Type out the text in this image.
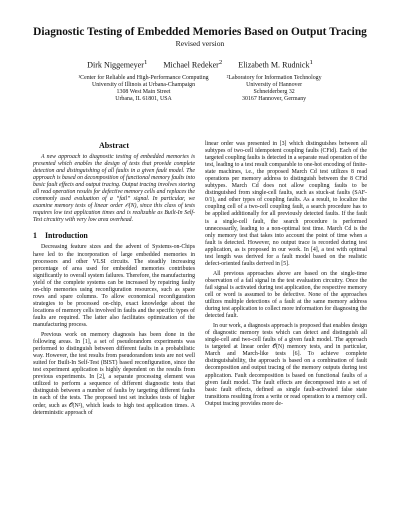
Diagnostic Testing of Embedded Memories Based on Output Tracing
Revised version
Dirk Niggemeyer$^1$ Michael Redeker$^2$ Elizabeth M. Rudnick$^1$
¹Center for Reliable and High-Performance Computing
University of Illinois at Urbana-Champaign
1308 West Main Street
Urbana, IL 61801, USA
²Laboratory for Information Technology
University of Hannover
Schneiderberg 32
30167 Hannover, Germany
Abstract

A new approach to diagnostic testing of embedded memories is presented which enables the design of tests that provide complete detection and distinguishing of all faults in a given fault model. The approach is based on decomposition of functional memory faults into basic fault effects and output tracing. Output tracing involves storing all read operation results for defective memory cells and replaces the commonly used evaluation of a “fail” signal. In particular, we examine memory tests of linear order 𝒪(N), since this class of tests requires low test application times and is realizable as Built-In Self-Test circuitry with very low area overhead.

1 Introduction

Decreasing feature sizes and the advent of Systems-on-Chips have led to the incorporation of large embedded memories in processors and other VLSI circuits. The steadily increasing percentage of area used for embedded memories contributes significantly to overall system failures. Therefore, the manufacturing yield of the complete systems can be increased by repairing faulty on-chip memories using reconfiguration resources, such as spare rows and spare columns. To allow economical reconfiguration strategies to be processed on-chip, exact knowledge about the locations of memory cells involved in faults and the specific types of faults are required. The latter also facilitates optimization of the manufacturing process.

Previous work on memory diagnosis has been done in the following areas. In [1], a set of pseudorandom experiments was performed to distinguish between different faults in a probabilistic way. However, the test results from pseudorandom tests are not well suited for Built-In Self-Test (BIST) based reconfiguration, since the test experiment application is highly dependent on the results from previous experiments. In [2], a separate processing element was utilized to perform a sequence of different diagnostic tests that distinguish between a number of faults by targeting different faults in each of the tests. The proposed test set includes tests of higher order, such as 𝒪(N²), which leads to high test application times. A deterministic approach of

linear order was presented in [3] which distinguishes between all subtypes of two-cell idempotent coupling faults (CFid). Each of the targeted coupling faults is detected in a separate read operation of the test, leading to a test result comparable to one-hot encoding of finite-state machines, i.e., the proposed March Cd test utilizes 8 read operations per memory address to distinguish between the 8 CFid subtypes. March Cd does not allow coupling faults to be distinguished from single-cell faults, such as stuck-at faults (SAF-0/1), and other types of coupling faults. As a result, to localize the coupling cell of a two-cell coupling fault, a search procedure has to be applied additionally for all previously detected faults. If the fault is a single-cell fault, the search procedure is performed unnecessarily, leading to a non-optimal test time. March Cd is the only memory test that takes into account the point of time when a fault is detected. However, no output trace is recorded during test application, as is proposed in our work. In [4], a test with optimal test length was derived for a fault model based on the realistic defect-oriented faults derived in [5].

All previous approaches above are based on the single-time observation of a fail signal in the test evaluation circuitry. Once the fail signal is activated during test application, the respective memory cell or word is assumed to be defective. None of the approaches utilizes multiple detections of a fault at the same memory address during test application to collect more information for diagnosing the detected fault.

In our work, a diagnosis approach is proposed that enables design of diagnostic memory tests which can detect and distinguish all single-cell and two-cell faults of a given fault model. The approach is targeted at linear order 𝒪(N) memory tests, and in particular, March and March-like tests [6]. To achieve complete distinguishability, the approach is based on a combination of fault decomposition and output tracing of the memory outputs during test application. Fault decomposition is based on functional faults of a given fault model. The fault effects are decomposed into a set of basic fault effects, defined as single fault-activated false state transitions resulting from a write or read operation to a memory cell. Output tracing provides more de-
